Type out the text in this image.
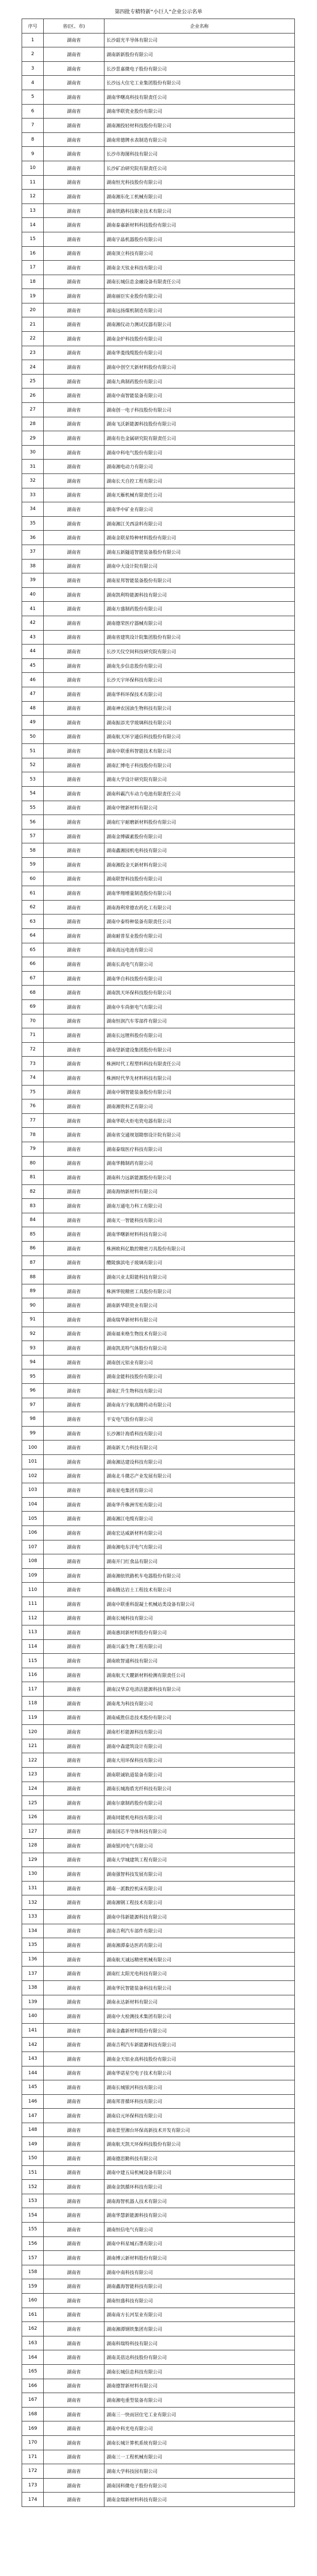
第四批专精特新“小巨人”企业公示名单
序号	省(区、市)	企业名称
1	湖南省	长沙韶光半导体有限公司
2	湖南省	湖南新新股份有限公司
3	湖南省	长沙景嘉微电子股份有限公司
4	湖南省	长沙远大住宅工业集团股份有限公司
5	湖南省	湖南华曙高科技有限责任公司
6	湖南省	湖南华联瓷业股份有限公司
7	湖南省	湖南湘投轻材科技股份有限公司
8	湖南省	湖南常德牌水表制造有限公司
9	湖南省	长沙市海图科技有限公司
10	湖南省	长沙矿冶研究院有限责任公司
11	湖南省	湖南恒光科技股份有限公司
12	湖南省	湖南湘东化工机械有限公司
13	湖南省	湖南铁路科技职业技术有限公司
14	湖南省	湖南泰嘉新材料科技股份有限公司
15	湖南省	湖南宇晶机器股份有限公司
16	湖南省	湖南顶立科技有限公司
17	湖南省	湖南金天钛业科技有限公司
18	湖南省	湖南长城信息金融设备有限责任公司
19	湖南省	湖南丽臣实业股份有限公司
20	湖南省	湖南远扬煤机制造有限公司
21	湖南省	湖南湘仪动力测试仪器有限公司
22	湖南省	湖南金炉科技股份有限公司
23	湖南省	湖南华菱线缆股份有限公司
24	湖南省	湖南中创空天新材料股份有限公司
25	湖南省	湖南九典制药股份有限公司
26	湖南省	湖南中南智能装备有限公司
27	湖南省	湖南创一电子科技股份有限公司
28	湖南省	湖南飞沃新能源科技股份有限公司
29	湖南省	湖南有色金属研究院有限责任公司
30	湖南省	湖南中科电气股份有限公司
31	湖南省	湖南湘电动力有限公司
32	湖南省	湖南长天自控工程有限公司
33	湖南省	湖南天雁机械有限责任公司
34	湖南省	湖南华中矿业有限公司
35	湖南省	湖南湘江关西涂料有限公司
36	湖南省	湖南金联星特种材料股份有限公司
37	湖南省	湖南五新隧道智能装备股份有限公司
38	湖南省	湖南中大设计院有限公司
39	湖南省	湖南星邦智能装备股份有限公司
40	湖南省	湖南凯利特能源科技有限公司
41	湖南省	湖南方盛制药股份有限公司
42	湖南省	湖南德荣医疗器械有限公司
43	湖南省	湖南省建筑设计院集团股份有限公司
44	湖南省	长沙天仪空间科技研究院有限公司
45	湖南省	湖南先步信息股份有限公司
46	湖南省	长沙天宇环保科技有限公司
47	湖南省	湖南华科环保技术有限公司
48	湖南省	湖南神农国油生物科技有限公司
49	湖南省	湖南振添光学玻璃科技有限公司
50	湖南省	湖南航天环宇通信科技股份有限公司
51	湖南省	湖南中联重科智能技术有限公司
52	湖南省	湖南汇博电子科技股份有限公司
53	湖南省	湖南大学设计研究院有限公司
54	湖南省	湖南科霸汽车动力电池有限责任公司
55	湖南省	湖南中锂新材料有限公司
56	湖南省	湖南红宇耐磨新材料股份有限公司
57	湖南省	湖南金博碳素股份有限公司
58	湖南省	湖南鑫湘园机电科技有限公司
59	湖南省	湖南湘投金天新材料有限公司
60	湖南省	湖南联智科技股份有限公司
61	湖南省	湖南华翔增量制造股份有限公司
62	湖南省	湖南海利常德农药化工有限公司
63	湖南省	湖南中泰特种装备有限责任公司
64	湖南省	湖南耐普泵业股份有限公司
65	湖南省	湖南高远电池有限公司
66	湖南省	湖南长高电气有限公司
67	湖南省	湖南华自科技股份有限公司
68	湖南省	湖南凯天环保科技股份有限公司
69	湖南省	湖南中车尚驱电气有限公司
70	湖南省	湖南恒润汽车零部件有限公司
71	湖南省	湖南长远锂科股份有限公司
72	湖南省	湖南望新建设集团股份有限公司
73	湖南省	株洲时代工程塑料科技有限责任公司
74	湖南省	株洲时代华先材料科技有限公司
75	湖南省	湖南中钢智能装备股份有限公司
76	湖南省	湖南湘瓷科艺有限公司
77	湖南省	湖南华联火炬电瓷电器有限公司
78	湖南省	湖南省交通规划勘察设计院有限公司
79	湖南省	湖南泰瑞医疗科技有限公司
80	湖南省	湖南华腾制药有限公司
81	湖南省	湖南科力远新能源股份有限公司
82	湖南省	湖南海纳新材料有限公司
83	湖南省	湖南万通电力科工有限公司
84	湖南省	湖南天一智能科技有限公司
85	湖南省	湖南华曙新材料科技有限公司
86	湖南省	株洲欧科亿数控精密刀具股份有限公司
87	湖南省	醴陵旗滨电子玻璃有限公司
88	湖南省	湖南兴业太阳能科技有限公司
89	湖南省	株洲华锐精密工具股份有限公司
90	湖南省	湖南新华联瓷业有限公司
91	湖南省	湖南瑞华新材料有限公司
92	湖南省	湖南福来格生物技术有限公司
93	湖南省	湖南凯美特气体股份有限公司
94	湖南省	湖南创元铝业有限公司
95	湖南省	湖南金能科技股份有限公司
96	湖南省	湖南汇升生物科技有限公司
97	湖南省	湖南南方宇航高精传动有限公司
98	湖南省	平安电气股份有限公司
99	湖南省	长沙湘计海盾科技有限公司
100	湖南省	湖南新天力科技有限公司
101	湖南省	湖南湘达建设科技有限公司
102	湖南省	湖南北斗微芯产业发展有限公司
103	湖南省	湖南星电集团有限公司
104	湖南省	湖南华升株洲雪松有限公司
105	湖南省	湖南湘江电缆有限公司
106	湖南省	湖南宏达威新材料有限公司
107	湖南省	湖南湘电东洋电气有限公司
108	湖南省	湖南开门红食品有限公司
109	湖南省	湖南湘依铁路机车电器股份有限公司
110	湖南省	湖南腾达岩土工程技术有限公司
111	湖南省	湖南中联重科混凝土机械站类设备有限公司
112	湖南省	湖南长城科技有限公司
113	湖南省	湖南惠同新材料股份有限公司
114	湖南省	湖南兴嘉生物工程有限公司
115	湖南省	湖南欧智通科技有限公司
116	湖南省	湖南航天天麓新材料检测有限责任公司
117	湖南省	湖南汉华京电清洁能源科技有限公司
118	湖南省	湖南兆为科技有限公司
119	湖南省	湖南威胜信息技术股份有限公司
120	湖南省	湖南杉杉能源科技有限公司
121	湖南省	湖南中森建筑设计有限公司
122	湖南省	湖南大用环保科技有限公司
123	湖南省	湖南联诚轨道装备有限公司
124	湖南省	湖南长城海盾光纤科技有限公司
125	湖南省	湖南尔康制药股份有限公司
126	湖南省	湖南同能机电科技有限公司
127	湖南省	湖南国芯半导体科技有限公司
128	湖南省	湖南银河电气有限公司
129	湖南省	湖南大学城建筑工程有限公司
130	湖南省	湖南强智科技发展有限公司
131	湖南省	湖南一派数控机床有限公司
132	湖南省	湖南湘钢工程技术有限公司
133	湖南省	湖南中伟新能源科技有限公司
134	湖南省	湖南吉利汽车部件有限公司
135	湖南省	湖南湘潭泰达医药有限公司
136	湖南省	湖南航天诚远精密机械有限公司
137	湖南省	湖南红太阳光电科技有限公司
138	湖南省	湖南华民智能装备科技有限公司
139	湖南省	湖南永达新材料有限公司
140	湖南省	湖南中大检测技术集团有限公司
141	湖南省	湖南金鑫新材料股份有限公司
142	湖南省	湖南吉利汽车新能源科技有限公司
143	湖南省	湖南金天铝业高科技股份有限公司
144	湖南省	湖南华诺星空电子技术有限公司
145	湖南省	湖南长城银河科技有限公司
146	湖南省	湖南邦普循环科技有限公司
147	湖南省	湖南启元环保科技有限公司
148	湖南省	湖南景翌湘台环保高新技术开发有限公司
149	湖南省	湖南航天凯天环保科技股份有限公司
150	湖南省	湖南德思勤科技有限公司
151	湖南省	湖南中建五局机械设备有限公司
152	湖南省	湖南金凯循环科技有限公司
153	湖南省	湖南海智机器人技术有限公司
154	湖南省	湖南华慧新能源科技有限公司
155	湖南省	湖南恒信电气有限公司
156	湖南省	湖南中科星城石墨有限公司
157	湖南省	湖南博云新材料股份有限公司
158	湖南省	湖南中南科技有限公司
159	湖南省	湖南鑫海智能科技有限公司
160	湖南省	湖南恒盛科技有限公司
161	湖南省	湖南南方长河泵业有限公司
162	湖南省	湖南湘潭钢铁集团有限公司
163	湖南省	湖南科瑞特科技有限公司
164	湖南省	湖南美蓓达科技股份有限公司
165	湖南省	湖南长城信息科技有限公司
166	湖南省	湖南德智新材料有限公司
167	湖南省	湖南湘电重型装备有限公司
168	湖南省	湖南三一快而居住宅工业有限公司
169	湖南省	湖南中科光电有限公司
170	湖南省	湖南长城计算机系统有限公司
171	湖南省	湖南三一工程机械有限公司
172	湖南省	湖南大学科技园有限公司
173	湖南省	湖南国科微电子股份有限公司
174	湖南省	湖南金瑞新材料科技有限公司
